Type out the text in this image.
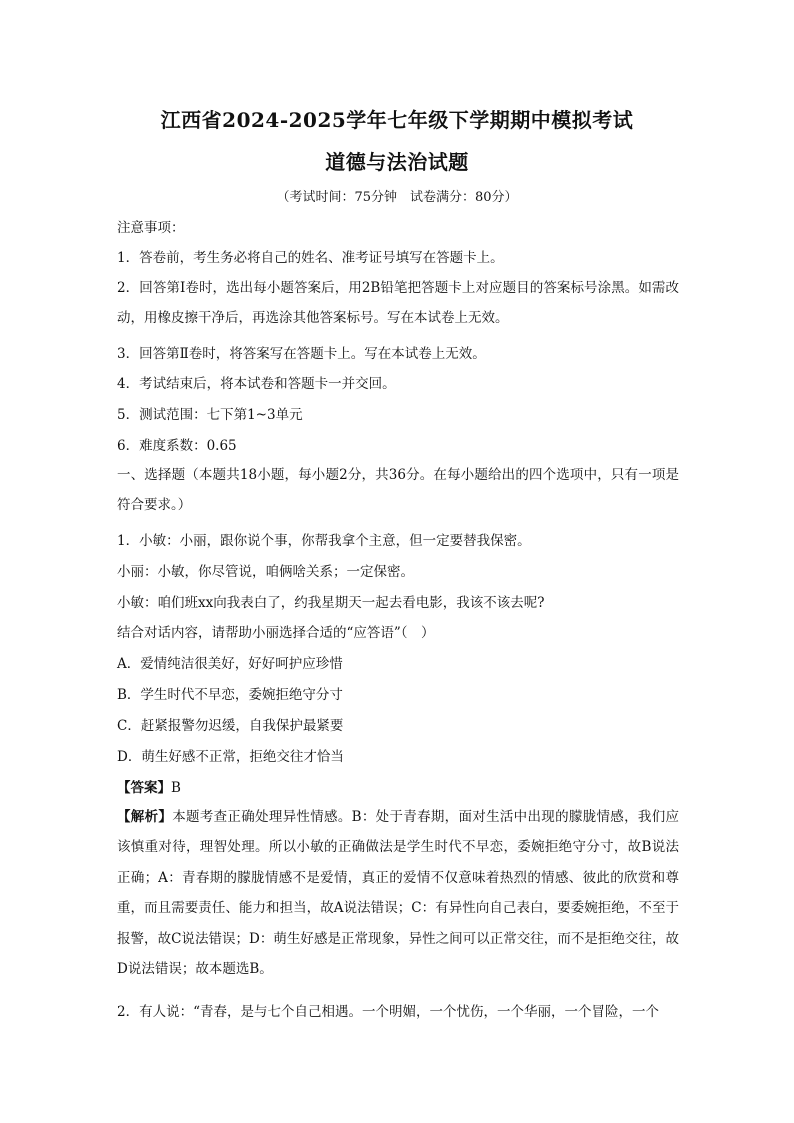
江西省2024-2025学年七年级下学期期中模拟考试
道德与法治试题
（考试时间：75分钟　试卷满分：80分）
注意事项：
1．答卷前，考生务必将自己的姓名、准考证号填写在答题卡上。

2．回答第Ⅰ卷时，选出每小题答案后，用2B铅笔把答题卡上对应题目的答案标号涂黑。如需改动，用橡皮擦干净后，再选涂其他答案标号。写在本试卷上无效。

3．回答第Ⅱ卷时，将答案写在答题卡上。写在本试卷上无效。
4．考试结束后，将本试卷和答题卡一并交回。
5．测试范围：七下第1~3单元
6．难度系数：0.65

一、选择题（本题共18小题，每小题2分，共36分。在每小题给出的四个选项中，只有一项是符合要求。）

1．小敏：小丽，跟你说个事，你帮我拿个主意，但一定要替我保密。
小丽：小敏，你尽管说，咱俩啥关系；一定保密。
小敏：咱们班xx向我表白了，约我星期天一起去看电影，我该不该去呢?
结合对话内容，请帮助小丽选择合适的“应答语”（　）
A．爱情纯洁很美好，好好呵护应珍惜
B．学生时代不早恋，委婉拒绝守分寸
C．赶紧报警勿迟缓，自我保护最紧要
D．萌生好感不正常，拒绝交往才恰当
【答案】B

【解析】本题考查正确处理异性情感。B：处于青春期，面对生活中出现的朦胧情感，我们应该慎重对待，理智处理。所以小敏的正确做法是学生时代不早恋，委婉拒绝守分寸，故B说法正确；A：青春期的朦胧情感不是爱情，真正的爱情不仅意味着热烈的情感、彼此的欣赏和尊重，而且需要责任、能力和担当，故A说法错误；C：有异性向自己表白，要委婉拒绝，不至于报警，故C说法错误；D：萌生好感是正常现象，异性之间可以正常交往，而不是拒绝交往，故D说法错误；故本题选B。

2．有人说：“青春，是与七个自己相遇。一个明媚，一个忧伤，一个华丽，一个冒险，一个
